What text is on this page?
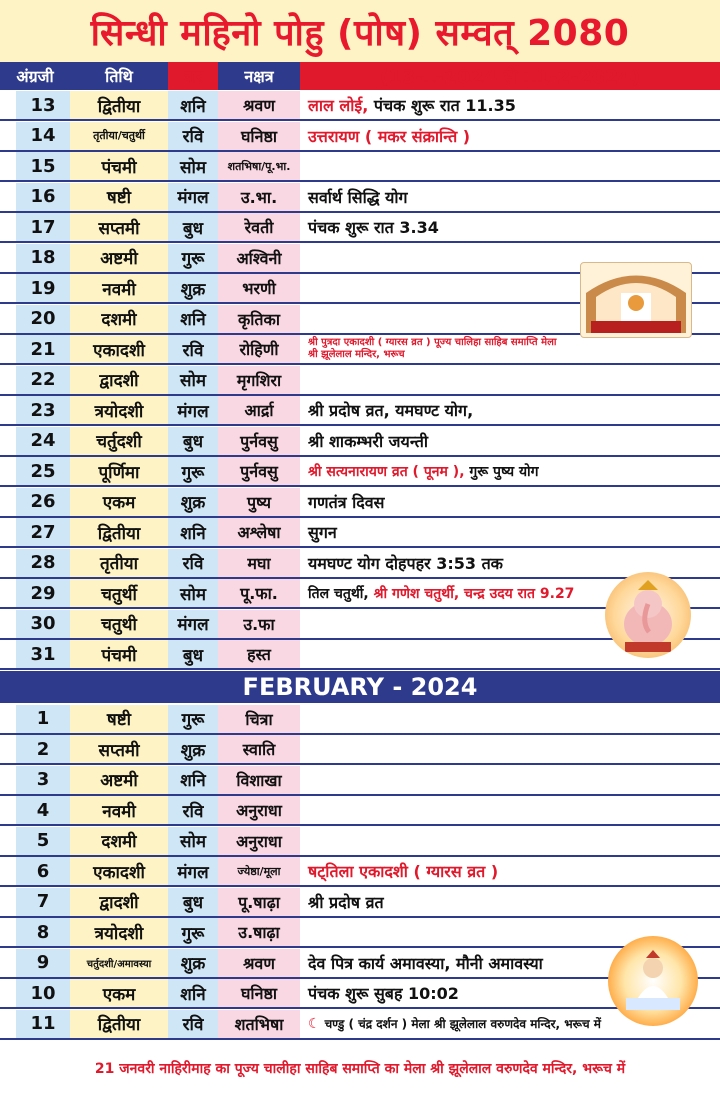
सिन्धी महिनो पोहु (पोष) सम्वत् 2080
अंग्रजी	तिथि	वार	नक्षत्र	(13-1-2024 से 11-2-2024)
13	द्वितीया	शनि	श्रवण	लाल लोई, पंचक शुरू रात 11.35
14	तृतीया/चतुर्थी	रवि	घनिष्ठा	उत्तरायण ( मकर संक्रान्ति )
15	पंचमी	सोम	शतभिषा/पू.भा.
16	षष्टी	मंगल	उ.भा.	सर्वार्थ सिद्धि योग
17	सप्तमी	बुध	रेवती	पंचक शुरू रात 3.34
18	अष्टमी	गुरू	अश्विनी
19	नवमी	शुक्र	भरणी
20	दशमी	शनि	कृतिका
21	एकादशी	रवि	रोहिणी	श्री पुत्रदा एकादशी ( ग्यारस व्रत ) पूज्य चालिहा साहिब समाप्ति मेला
श्री झूलेलाल मन्दिर, भरूच
22	द्वादशी	सोम	मृगशिरा
23	त्रयोदशी	मंगल	आर्द्रा	श्री प्रदोष व्रत, यमघण्ट योग,
24	चर्तुदशी	बुध	पुर्नवसु	श्री शाकम्भरी जयन्ती
25	पूर्णिमा	गुरू	पुर्नवसु	श्री सत्यनारायण व्रत ( पूनम ), गुरू पुष्य योग
26	एकम	शुक्र	पुष्य	गणतंत्र दिवस
27	द्वितीया	शनि	अश्लेषा	सुगन
28	तृतीया	रवि	मघा	यमघण्ट योग दोहपहर 3:53 तक
29	चतुर्थी	सोम	पू.फा.	तिल चतुर्थी, श्री गणेश चतुर्थी, चन्द्र उदय रात 9.27
30	चतुथी	मंगल	उ.फा
31	पंचमी	बुध	हस्त
FEBRUARY - 2024
1	षष्टी	गुरू	चित्रा
2	सप्तमी	शुक्र	स्वाति
3	अष्टमी	शनि	विशाखा
4	नवमी	रवि	अनुराधा
5	दशमी	सोम	अनुराधा
6	एकादशी	मंगल	ज्येष्ठा/मूला	षट्तिला एकादशी ( ग्यारस व्रत )
7	द्वादशी	बुध	पू.षाढ़ा	श्री प्रदोष व्रत
8	त्रयोदशी	गुरू	उ.षाढ़ा
9	चर्तुदशी/अमावस्या	शुक्र	श्रवण	देव पित्र कार्य अमावस्या, मौनी अमावस्या
10	एकम	शनि	घनिष्ठा	पंचक शुरू सुबह 10:02
11	द्वितीया	रवि	शतभिषा	☾ चण्डु ( चंद्र दर्शन ) मेला श्री झूलेलाल वरुणदेव मन्दिर, भरूच में
21 जनवरी नाहिरीमाह का पूज्य चालीहा साहिब समाप्ति का मेला श्री झूलेलाल वरुणदेव मन्दिर, भरूच में
